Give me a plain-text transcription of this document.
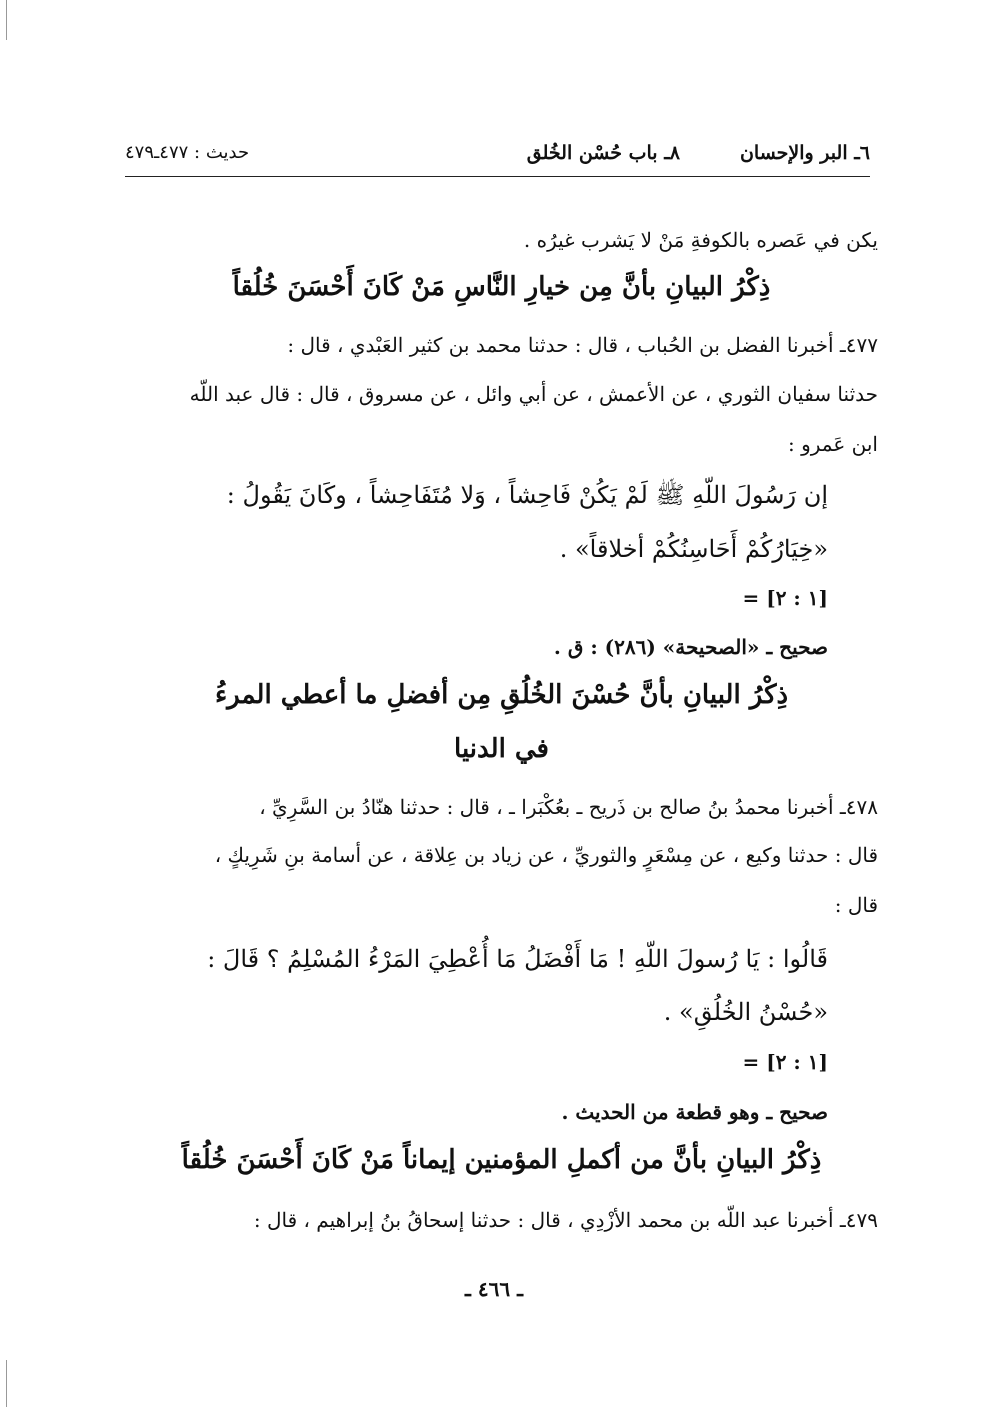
٦ـ البر والإحسان
٨ـ باب حُسْن الخُلق
حديث : ٤٧٧ـ٤٧٩
يكن في عَصره بالكوفةِ مَنْ لا يَشرب غيرُه .
ذِكْرُ البيانِ بأنَّ مِن خيارِ النَّاسِ مَنْ كَانَ أَحْسَنَ خُلُقاً
٤٧٧ـ أخبرنا الفضل بن الحُباب ، قال : حدثنا محمد بن كثير العَبْدي ، قال :
حدثنا سفيان الثوري ، عن الأعمش ، عن أبي وائل ، عن مسروق ، قال : قال عبد اللّه
ابن عَمرو :
إن رَسُولَ اللّهِ ﷺ لَمْ يَكُنْ فَاحِشاً ، وَلا مُتَفَاحِشاً ، وكَانَ يَقُولُ :
«خِيَارُكُمْ أَحَاسِنُكُمْ أخلاقاً» .
[١ : ٢] =
صحيح ـ «الصحيحة» (٢٨٦) : ق .
ذِكْرُ البيانِ بأنَّ حُسْنَ الخُلُقِ مِن أفضلِ ما أعطي المرءُ
في الدنيا
٤٧٨ـ أخبرنا محمدُ بنُ صالح بن ذَريح ـ بعُكْبَرا ـ ، قال : حدثنا هنّادُ بن السَّرِيِّ ،
قال : حدثنا وكيع ، عن مِسْعَرٍ والثوريِّ ، عن زياد بن عِلاقة ، عن أسامة بنِ شَرِيكٍ ،
قال :
قَالُوا : يَا رُسولَ اللّهِ ! مَا أَفْضَلُ مَا أُعْطِيَ المَرْءُ المُسْلِمُ ؟ قَالَ :
«حُسْنُ الخُلُقِ» .
[١ : ٢] =
صحيح ـ وهو قطعة من الحديث .
ذِكْرُ البيانِ بأنَّ من أكملِ المؤمنين إيماناً مَنْ كَانَ أَحْسَنَ خُلُقاً
٤٧٩ـ أخبرنا عبد اللّه بن محمد الأزْدِي ، قال : حدثنا إسحاقُ بنُ إبراهيم ، قال :
ـ ٤٦٦ ـ
